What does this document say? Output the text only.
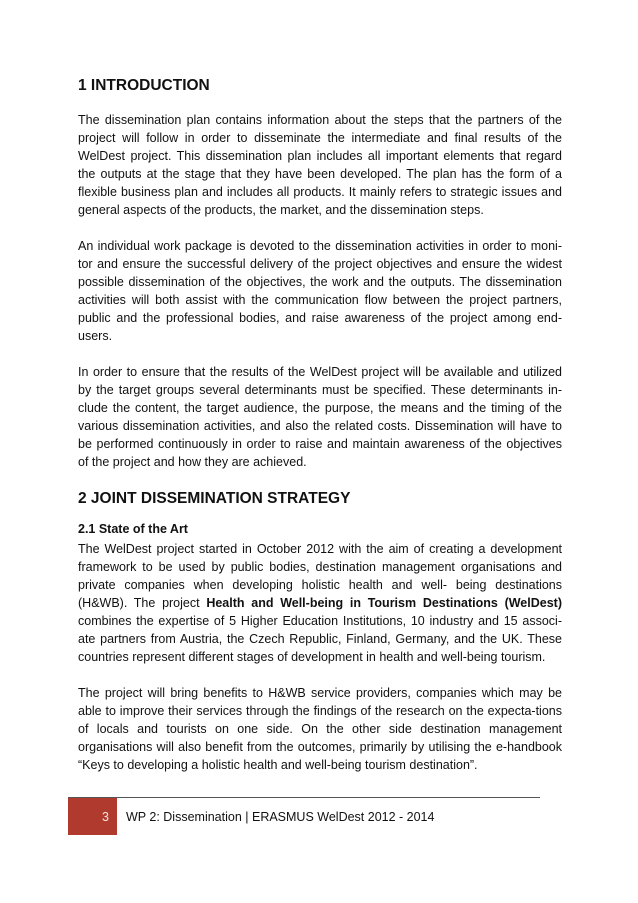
1 INTRODUCTION

The dissemination plan contains information about the steps that the partners of the project will follow in order to disseminate the intermediate and final results of the WelDest project. This dissemination plan includes all important elements that regard the outputs at the stage that they have been developed. The plan has the form of a flexible business plan and includes all products. It mainly refers to strategic issues and general aspects of the products, the market, and the dissemination steps.

An individual work package is devoted to the dissemination activities in order to moni-tor and ensure the successful delivery of the project objectives and ensure the widest possible dissemination of the objectives, the work and the outputs. The dissemination activities will both assist with the communication flow between the project partners, public and the professional bodies, and raise awareness of the project among end-users.

In order to ensure that the results of the WelDest project will be available and utilized by the target groups several determinants must be specified. These determinants in-clude the content, the target audience, the purpose, the means and the timing of the various dissemination activities, and also the related costs. Dissemination will have to be performed continuously in order to raise and maintain awareness of the objectives of the project and how they are achieved.

2 JOINT DISSEMINATION STRATEGY
2.1 State of the Art

The WelDest project started in October 2012 with the aim of creating a development framework to be used by public bodies, destination management organisations and private companies when developing holistic health and well- being destinations (H&WB). The project Health and Well-being in Tourism Destinations (WelDest) combines the expertise of 5 Higher Education Institutions, 10 industry and 15 associ-ate partners from Austria, the Czech Republic, Finland, Germany, and the UK. These countries represent different stages of development in health and well-being tourism.

The project will bring benefits to H&WB service providers, companies which may be able to improve their services through the findings of the research on the expecta-tions of locals and tourists on one side. On the other side destination management organisations will also benefit from the outcomes, primarily by utilising the e-handbook “Keys to developing a holistic health and well-being tourism destination”.

3	WP 2: Dissemination | ERASMUS WelDest 2012 - 2014
